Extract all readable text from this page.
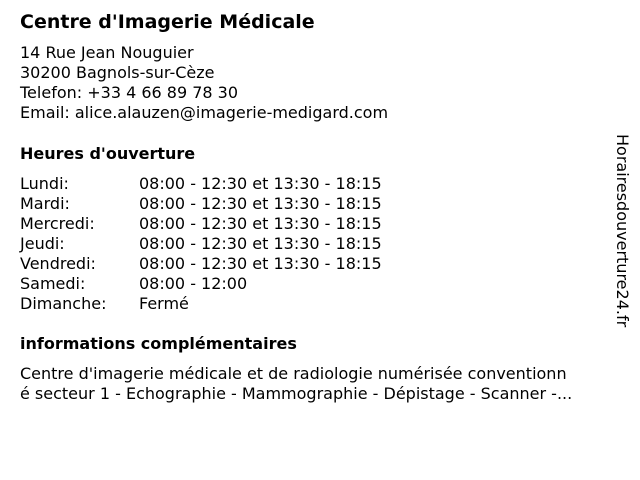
Centre d'Imagerie Médicale
14 Rue Jean Nouguier
30200 Bagnols-sur-Cèze
Telefon: +33 4 66 89 78 30
Email: alice.alauzen@imagerie-medigard.com
Heures d'ouverture
Lundi:	08:00 - 12:30 et 13:30 - 18:15
Mardi:	08:00 - 12:30 et 13:30 - 18:15
Mercredi:	08:00 - 12:30 et 13:30 - 18:15
Jeudi:	08:00 - 12:30 et 13:30 - 18:15
Vendredi:	08:00 - 12:30 et 13:30 - 18:15
Samedi:	08:00 - 12:00
Dimanche: Fermé
informations complémentaires
Centre d'imagerie médicale et de radiologie numérisée conventionn
é secteur 1 - Echographie - Mammographie - Dépistage - Scanner -...
Horairesdouverture24.fr
